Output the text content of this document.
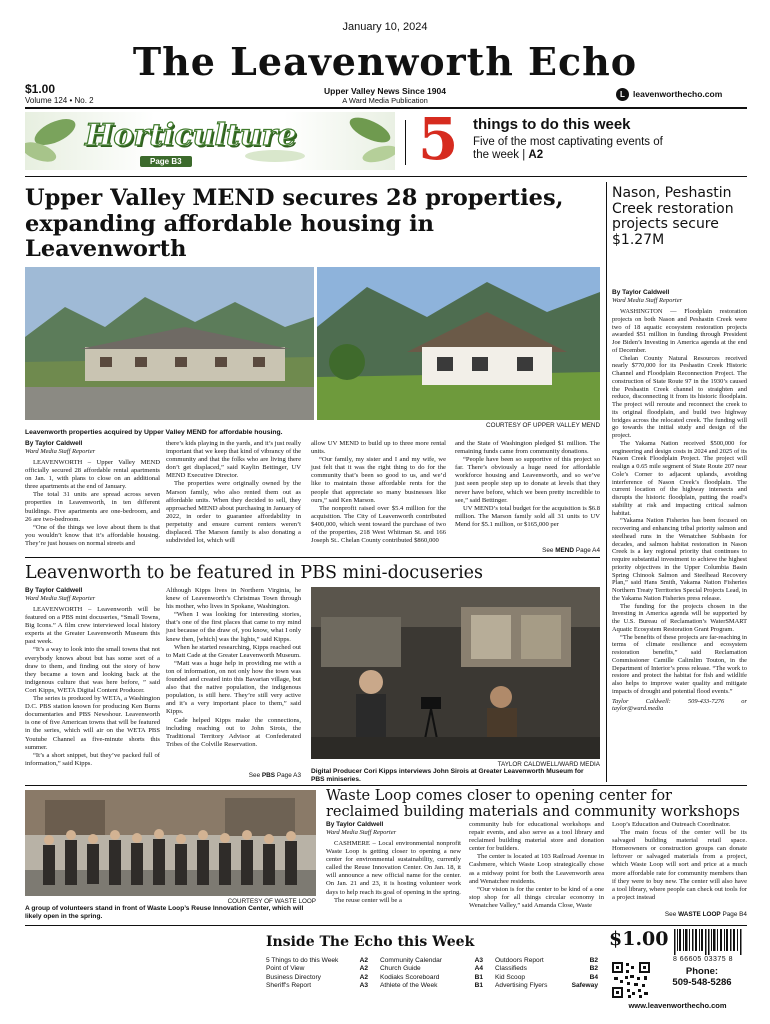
January 10, 2024
The Leavenworth Echo
$1.00
Volume 124 • No. 2
Upper Valley News Since 1904
A Ward Media Publication
L leavenworthecho.com
Horticulture
Page B3	5 things to do this week
Five of the most captivating events of the week | A2
Upper Valley MEND secures 28 properties, expanding affordable housing in Leavenworth
COURTESY OF UPPER VALLEY MEND
Leavenworth properties acquired by Upper Valley MEND for affordable housing.
By Taylor Caldwell
Ward Media Staff Reporter

LEAVENWORTH – Upper Valley MEND officially secured 28 affordable rental apartments on Jan. 1, with plans to close on an additional three apartments at the end of January.

The total 31 units are spread across seven properties in Leavenworth, in ten different buildings. Five apartments are one-bedroom, and 26 are two-bedroom.

“One of the things we love about them is that you wouldn’t know that it’s affordable housing. They’re just houses on normal streets and

there’s kids playing in the yards, and it’s just really important that we keep that kind of vibrancy of the community and that the folks who are living there don’t get displaced,” said Kaylin Bettinger, UV MEND Executive Director.

The properties were originally owned by the Marson family, who also rented them out as affordable units. When they decided to sell, they approached MEND about purchasing in January of 2022, in order to guarantee affordability in perpetuity and ensure current renters weren’t displaced. The Marson family is also donating a subdivided lot, which will

allow UV MEND to build up to three more rental units.

“Our family, my sister and I and my wife, we just felt that it was the right thing to do for the community that’s been so good to us, and we’d like to maintain those affordable rents for the people that appreciate so many businesses like ours,” said Ken Marson.

The nonprofit raised over $5.4 million for the acquisition. The City of Leavenworth contributed $400,000, which went toward the purchase of two of the properties, 218 West Whitman St. and 166 Joseph St.. Chelan County contributed $860,000

and the State of Washington pledged $1 million. The remaining funds came from community donations.

“People have been so supportive of this project so far. There’s obviously a huge need for affordable workforce housing and Leavenworth, and so we’ve just seen people step up to donate at levels that they never have before, which we been pretty incredible to see,” said Bettinger.

UV MEND’s total budget for the acquisition is $6.8 million. The Marson family sold all 31 units to UV Mend for $5.1 million, or $165,000 per

See MEND Page A4
Nason, Peshastin Creek restoration projects secure $1.27M
By Taylor Caldwell
Ward Media Staff Reporter

WASHINGTON — Floodplain restoration projects on both Nason and Peshastin Creek were two of 18 aquatic ecosystem restoration projects awarded $51 million in funding through President Joe Biden’s Investing in America agenda at the end of December.

Chelan County Natural Resources received nearly $770,000 for its Peshastin Creek Historic Channel and Floodplain Reconnection Project. The construction of State Route 97 in the 1930’s caused the Peshastin Creek channel to straighten and reduce, disconnecting it from its historic floodplain. The project will reroute and reconnect the creek to its original floodplain, and build two highway bridges across the relocated creek. The funding will go towards the initial study and design of the project.

The Yakama Nation received $500,000 for engineering and design costs in 2024 and 2025 of its Nason Creek Floodplain Project. The project will realign a 0.65 mile segment of State Route 207 near Cole’s Corner to adjacent uplands, avoiding interference of Nason Creek’s floodplain. The current location of the highway intersects and disrupts the historic floodplain, putting the road’s stability at risk and impacting critical salmon habitat.

“Yakama Nation Fisheries has been focused on recovering and enhancing tribal priority salmon and steelhead runs in the Wenatchee Subbasin for decades, and salmon habitat restoration in Nason Creek is a key regional priority that continues to require substantial investment to achieve the highest priority objectives in the Upper Columbia Basin Spring Chinook Salmon and Steelhead Recovery Plan,” said Hans Smith, Yakama Nation Fisheries Northern Treaty Territories Special Projects Lead, in the Yakama Nation Fisheries press release.

The funding for the projects chosen in the Investing in America agenda will be supported by the U.S. Bureau of Reclamation’s WaterSMART Aquatic Ecosystem Restoration Grant Program.

“The benefits of these projects are far-reaching in terms of climate resilience and ecosystem restoration benefits,” said Reclamation Commissioner Camille Calimlim Touton, in the Department of Interior’s press release. “The work to restore and protect the habitat for fish and wildlife also helps to improve water quality and mitigate impacts of drought and potential flood events.”

Taylor Caldwell: 509-433-7276 or taylor@ward.media

Leavenworth to be featured in PBS mini-docuseries
By Taylor Caldwell
Ward Media Staff Reporter

LEAVENWORTH – Leavenworth will be featured on a PBS mini docuseries, “Small Towns, Big Icons.” A film crew interviewed local history experts at the Greater Leavenworth Museum this past week.

“It’s a way to look into the small towns that not everybody knows about but has some sort of a draw to them, and finding out the story of how they became a town and looking back at the indigenous culture that was here before, ” said Cori Kipps, WETA Digital Content Producer.

The series is produced by WETA, a Washington D.C. PBS station known for producing Ken Burns documentaries and PBS Newshour. Leavenworth is one of five American towns that will be featured in the series, which will air on the WETA PBS Youtube Channel as five-minute shorts this summer.

“It’s a short snippet, but they’ve packed full of information,” said Kipps.

Although Kipps lives in Northern Virginia, he knew of Leavenworth’s Christmas Town through his mother, who lives in Spokane, Washington.

“When I was looking for interesting stories, that’s one of the first places that came to my mind just because of the draw of, you know, what I only knew then, [which] was the lights,” said Kipps.

When he started researching, Kipps reached out to Matt Cade at the Greater Leavenworth Museum.

“Matt was a huge help in providing me with a ton of information, on not only how the town was founded and created into this Bavarian village, but also that the native population, the indigenous population, is still here. They’re still very active and it’s a very important place to them,” said Kipps.

Cade helped Kipps make the connections, including reaching out to John Sirois, the Traditional Territory Advisor at Confederated Tribes of the Colville Reservation.

See PBS Page A3
TAYLOR CALDWELL/WARD MEDIA
Digital Producer Cori Kipps interviews John Sirois at Greater Leavenworth Museum for PBS miniseries.
COURTESY OF WASTE LOOP
A group of volunteers stand in front of Waste Loop’s Reuse Innovation Center, which will likely open in the spring.
Waste Loop comes closer to opening center for reclaimed building materials and community workshops
By Taylor Caldwell
Ward Media Staff Reporter

CASHMERE – Local environmental nonprofit Waste Loop is getting closer to opening a new center for environmental sustainability, currently called the Reuse Innovation Center. On Jan. 18, it will announce a new official name for the center. On Jan. 21 and 23, it is hosting volunteer work days to help reach its goal of opening in the spring.

The reuse center will be a

community hub for educational workshops and repair events, and also serve as a tool library and reclaimed building material store and donation center for builders.

The center is located at 103 Railroad Avenue in Cashmere, which Waste Loop strategically chose as a midway point for both the Leavenworth area and Wenatchee residents.

“Our vision is for the center to be kind of a one stop shop for all things circular economy in Wenatchee Valley,” said Amanda Close, Waste

Loop’s Education and Outreach Coordinator.

The main focus of the center will be its salvaged building material retail space. Homeowners or construction groups can donate leftover or salvaged materials from a project, which Waste Loop will sort and price at a much more affordable rate for community members than if they were to buy new. The center will also have a tool library, where people can check out tools for a project instead

See WASTE LOOP Page B4
Inside The Echo this Week
5 Things to do this Week	A2
Point of View	A2
Business Directory	A2
Sheriff's Report	A3
Community Calendar	A3
Church Guide	A4
Kodiaks Scoreboard	B1
Athlete of the Week	B1
Outdoors Report	B2
Classifieds	B2
Kid Scoop	B4
Advertising Flyers	Safeway
$1.00
8 66605 03375 8
Phone:
509-548-5286
www.leavenworthecho.com
